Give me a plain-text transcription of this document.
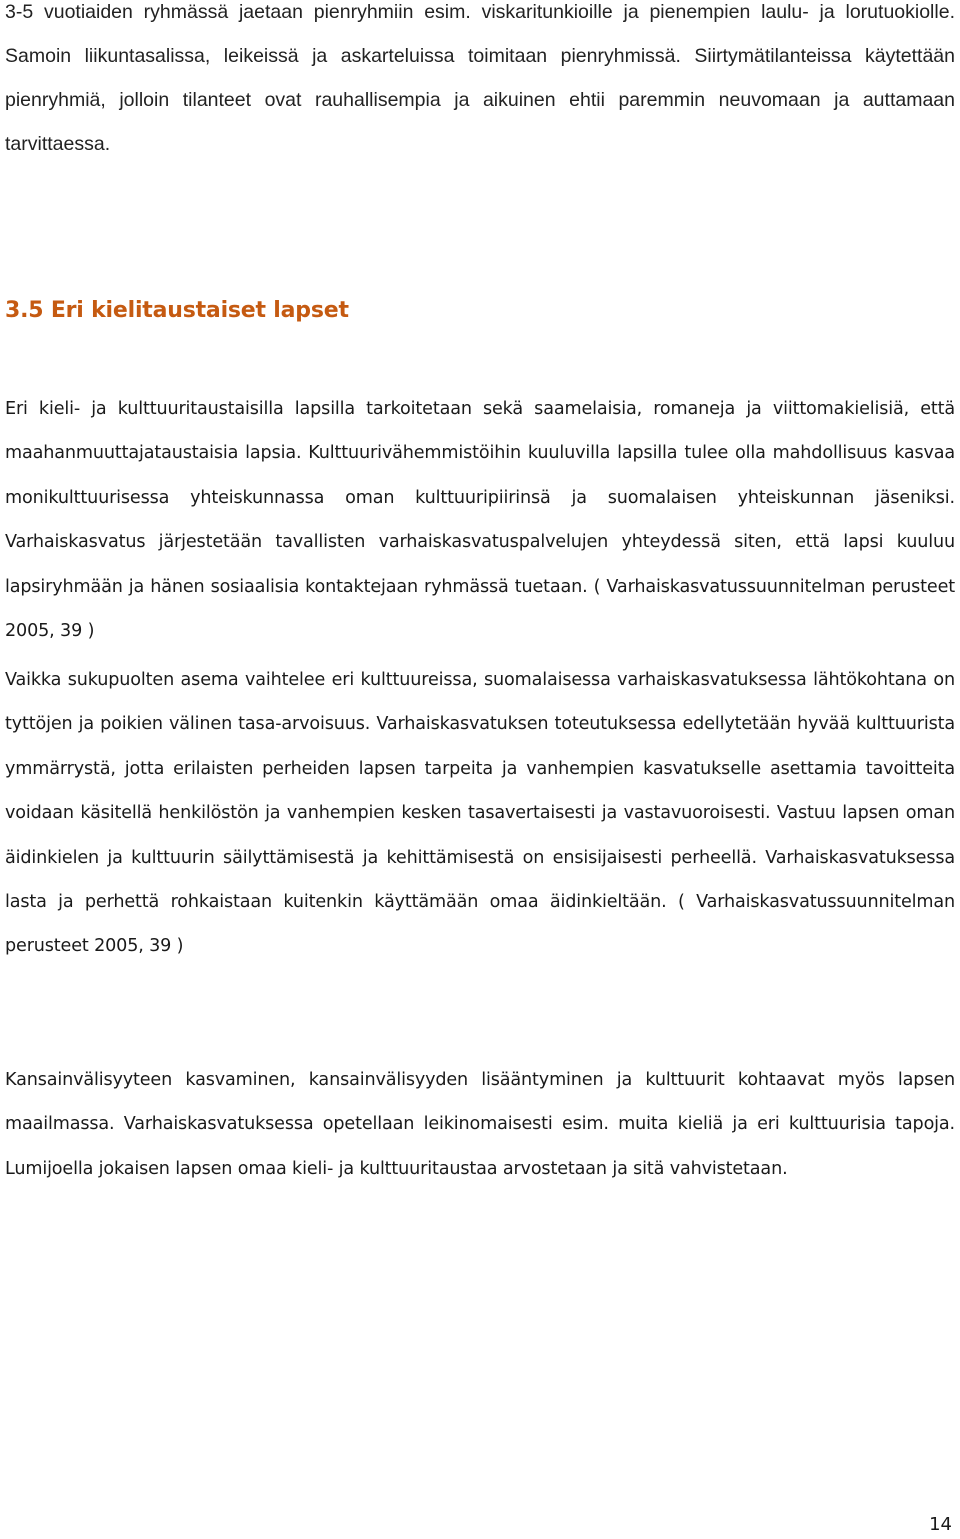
3-5 vuotiaiden ryhmässä jaetaan pienryhmiin esim. viskaritunkioille ja pienempien laulu- ja lorutuokiolle. Samoin liikuntasalissa, leikeissä ja askarteluissa toimitaan pienryhmissä. Siirtymätilanteissa käytettään pienryhmiä, jolloin tilanteet ovat rauhallisempia ja aikuinen ehtii paremmin neuvomaan ja auttamaan tarvittaessa.

3.5 Eri kielitaustaiset lapset

Eri kieli- ja kulttuuritaustaisilla lapsilla tarkoitetaan sekä saamelaisia, romaneja ja viittomakielisiä, että maahanmuuttajataustaisia lapsia. Kulttuurivähemmistöihin kuuluvilla lapsilla tulee olla mahdollisuus kasvaa monikulttuurisessa yhteiskunnassa oman kulttuuripiirinsä ja suomalaisen yhteiskunnan jäseniksi. Varhaiskasvatus järjestetään tavallisten varhaiskasvatuspalvelujen yhteydessä siten, että lapsi kuuluu lapsiryhmään ja hänen sosiaalisia kontaktejaan ryhmässä tuetaan. ( Varhaiskasvatussuunnitelman perusteet 2005, 39 )

Vaikka sukupuolten asema vaihtelee eri kulttuureissa, suomalaisessa varhaiskasvatuksessa lähtökohtana on tyttöjen ja poikien välinen tasa-arvoisuus. Varhaiskasvatuksen toteutuksessa edellytetään hyvää kulttuurista ymmärrystä, jotta erilaisten perheiden lapsen tarpeita ja vanhempien kasvatukselle asettamia tavoitteita voidaan käsitellä henkilöstön ja vanhempien kesken tasavertaisesti ja vastavuoroisesti. Vastuu lapsen oman äidinkielen ja kulttuurin säilyttämisestä ja kehittämisestä on ensisijaisesti perheellä. Varhaiskasvatuksessa lasta ja perhettä rohkaistaan kuitenkin käyttämään omaa äidinkieltään. ( Varhaiskasvatussuunnitelman perusteet 2005, 39 )

Kansainvälisyyteen kasvaminen, kansainvälisyyden lisääntyminen ja kulttuurit kohtaavat myös lapsen maailmassa. Varhaiskasvatuksessa opetellaan leikinomaisesti esim. muita kieliä ja eri kulttuurisia tapoja. Lumijoella jokaisen lapsen omaa kieli- ja kulttuuritaustaa arvostetaan ja sitä vahvistetaan.

14
